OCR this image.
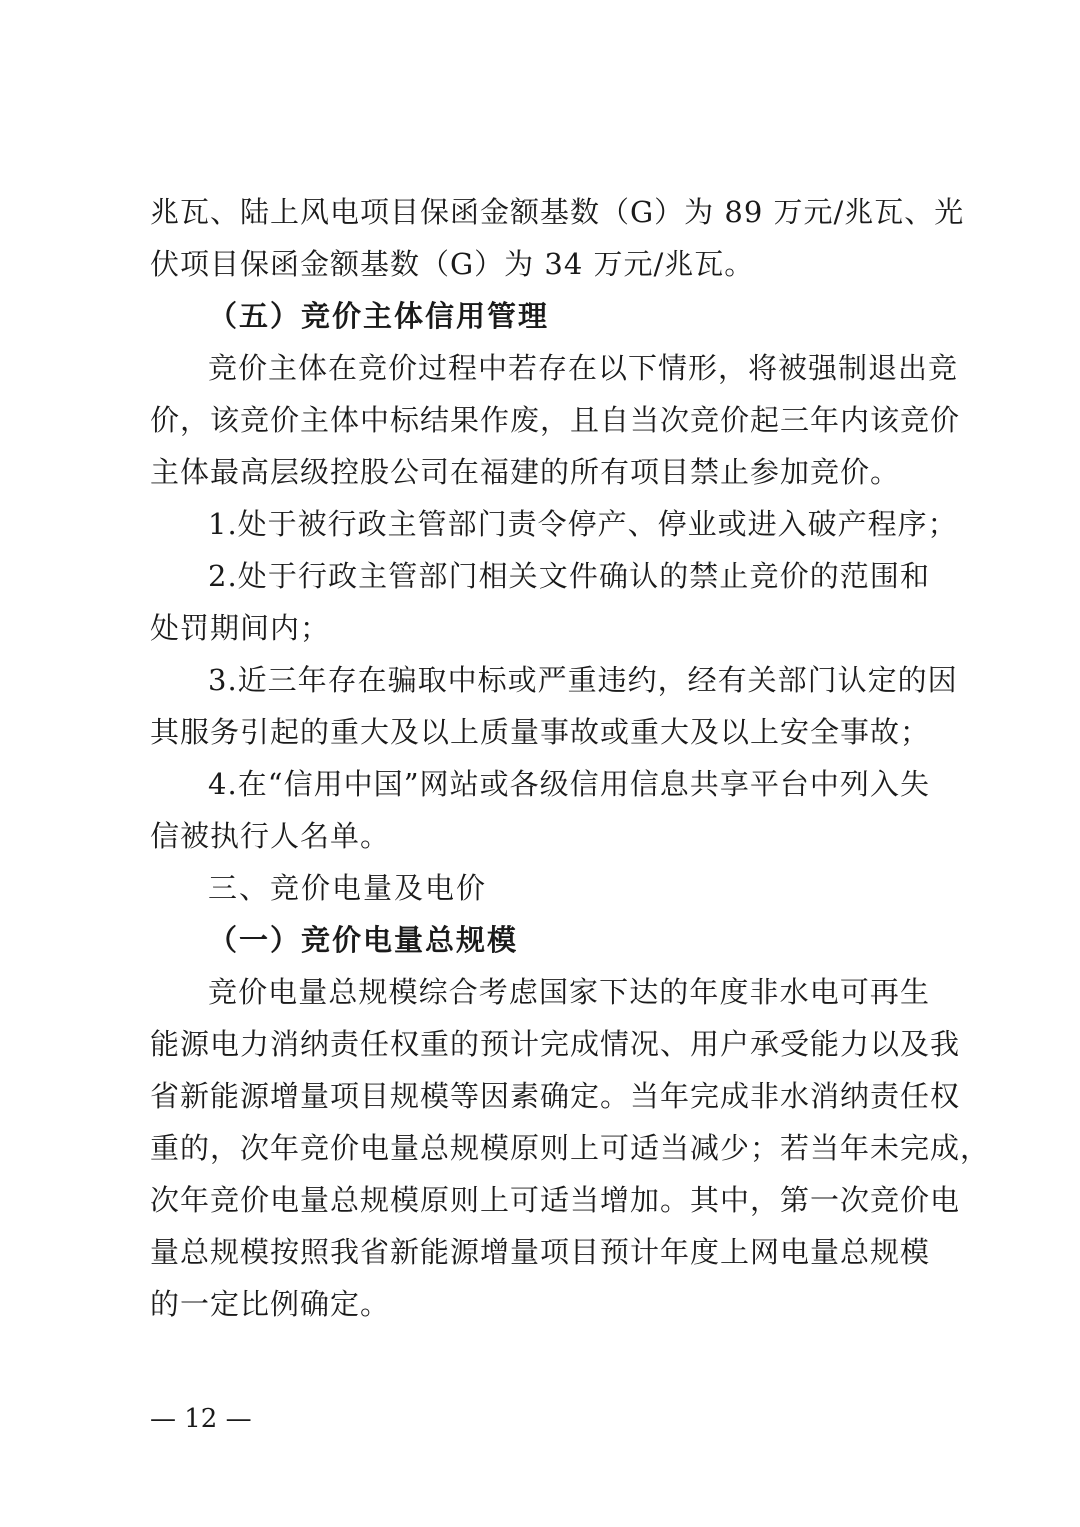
兆瓦、陆上风电项目保函金额基数（G）为 89 万元/兆瓦、光
伏项目保函金额基数（G）为 34 万元/兆瓦。
（五）竞价主体信用管理
竞价主体在竞价过程中若存在以下情形，将被强制退出竞
价，该竞价主体中标结果作废，且自当次竞价起三年内该竞价
主体最高层级控股公司在福建的所有项目禁止参加竞价。
1.处于被行政主管部门责令停产、停业或进入破产程序；
2.处于行政主管部门相关文件确认的禁止竞价的范围和
处罚期间内；
3.近三年存在骗取中标或严重违约，经有关部门认定的因
其服务引起的重大及以上质量事故或重大及以上安全事故；
4.在“信用中国”网站或各级信用信息共享平台中列入失
信被执行人名单。
三、竞价电量及电价
（一）竞价电量总规模
竞价电量总规模综合考虑国家下达的年度非水电可再生
能源电力消纳责任权重的预计完成情况、用户承受能力以及我
省新能源增量项目规模等因素确定。当年完成非水消纳责任权
重的，次年竞价电量总规模原则上可适当减少；若当年未完成，
次年竞价电量总规模原则上可适当增加。其中，第一次竞价电
量总规模按照我省新能源增量项目预计年度上网电量总规模
的一定比例确定。
— 12 —
